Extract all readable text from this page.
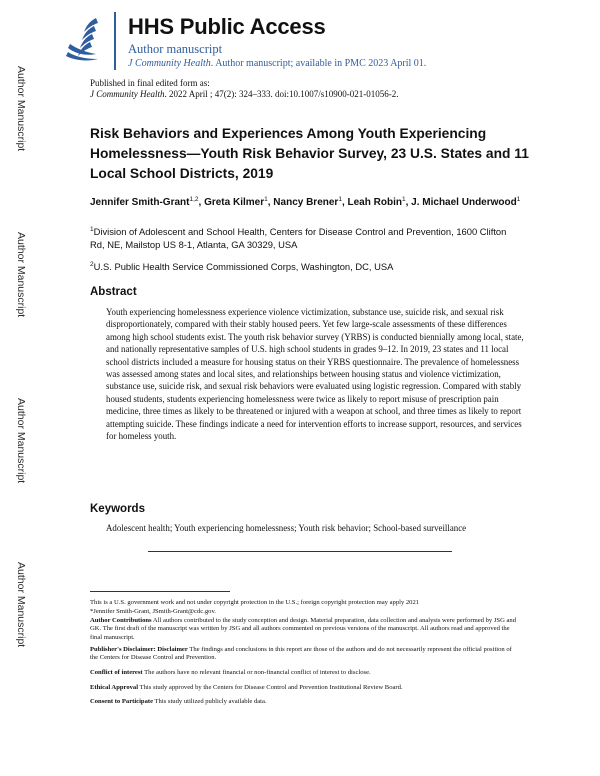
Author Manuscript
Author Manuscript
Author Manuscript
Author Manuscript
HHS Public Access
Author manuscript
J Community Health. Author manuscript; available in PMC 2023 April 01.
Published in final edited form as:
J Community Health. 2022 April ; 47(2): 324–333. doi:10.1007/s10900-021-01056-2.
Risk Behaviors and Experiences Among Youth Experiencing Homelessness—Youth Risk Behavior Survey, 23 U.S. States and 11 Local School Districts, 2019
Jennifer Smith-Grant$^{1,2}$, Greta Kilmer$^1$, Nancy Brener$^1$, Leah Robin$^1$, J. Michael Underwood$^1$
$^1$Division of Adolescent and School Health, Centers for Disease Control and Prevention, 1600 Clifton Rd, NE, Mailstop US 8-1, Atlanta, GA 30329, USA
$^2$U.S. Public Health Service Commissioned Corps, Washington, DC, USA
Abstract

Youth experiencing homelessness experience violence victimization, substance use, suicide risk, and sexual risk disproportionately, compared with their stably housed peers. Yet few large-scale assessments of these differences among high school students exist. The youth risk behavior survey (YRBS) is conducted biennially among local, state, and nationally representative samples of U.S. high school students in grades 9–12. In 2019, 23 states and 11 local school districts included a measure for housing status on their YRBS questionnaire. The prevalence of homelessness was assessed among states and local sites, and relationships between housing status and violence victimization, substance use, suicide risk, and sexual risk behaviors were evaluated using logistic regression. Compared with stably housed students, students experiencing homelessness were twice as likely to report misuse of prescription pain medicine, three times as likely to be threatened or injured with a weapon at school, and three times as likely to report attempting suicide. These findings indicate a need for intervention efforts to increase support, resources, and services for homeless youth.

Keywords

Adolescent health; Youth experiencing homelessness; Youth risk behavior; School-based surveillance

This is a U.S. government work and not under copyright protection in the U.S.; foreign copyright protection may apply 2021

*Jennifer Smith-Grant, JSmith-Grant@cdc.gov.

Author Contributions All authors contributed to the study conception and design. Material preparation, data collection and analysis were performed by JSG and GK. The first draft of the manuscript was written by JSG and all authors commented on previous versions of the manuscript. All authors read and approved the final manuscript.

Publisher's Disclaimer: Disclaimer The findings and conclusions in this report are those of the authors and do not necessarily represent the official position of the Centers for Disease Control and Prevention.

Conflict of interest The authors have no relevant financial or non-financial conflict of interest to disclose.

Ethical Approval This study approved by the Centers for Disease Control and Prevention Institutional Review Board.

Consent to Participate This study utilized publicly available data.
